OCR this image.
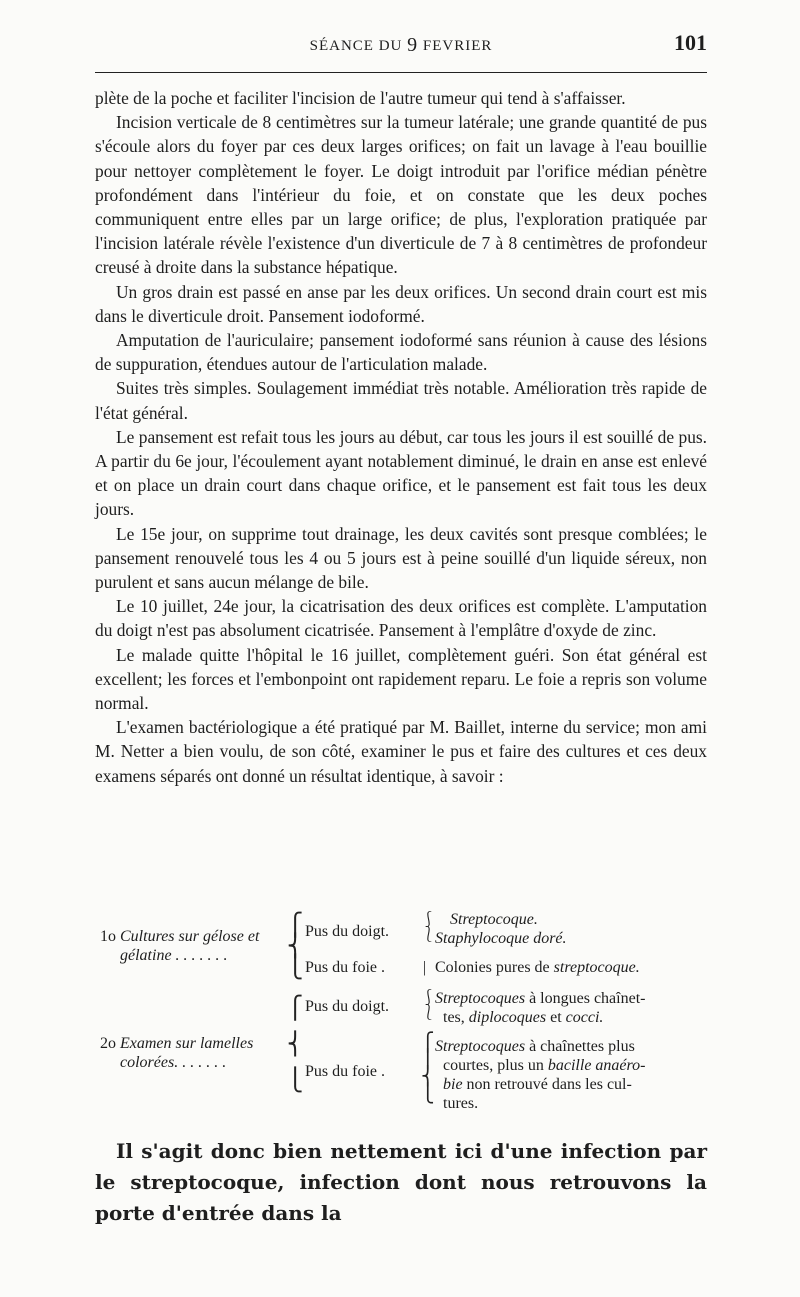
SÉANCE DU 9 FEVRIER	101

plète de la poche et faciliter l'incision de l'autre tumeur qui tend à s'affaisser.

Incision verticale de 8 centimètres sur la tumeur latérale; une grande quantité de pus s'écoule alors du foyer par ces deux larges orifices; on fait un lavage à l'eau bouillie pour nettoyer complètement le foyer. Le doigt introduit par l'orifice médian pénètre profondément dans l'intérieur du foie, et on constate que les deux poches communiquent entre elles par un large orifice; de plus, l'exploration pratiquée par l'incision latérale révèle l'existence d'un diverticule de 7 à 8 centimètres de profondeur creusé à droite dans la substance hépatique.

Un gros drain est passé en anse par les deux orifices. Un second drain court est mis dans le diverticule droit. Pansement iodoformé.

Amputation de l'auriculaire; pansement iodoformé sans réunion à cause des lésions de suppuration, étendues autour de l'articulation malade.

Suites très simples. Soulagement immédiat très notable. Amélioration très rapide de l'état général.

Le pansement est refait tous les jours au début, car tous les jours il est souillé de pus. A partir du 6e jour, l'écoulement ayant notablement diminué, le drain en anse est enlevé et on place un drain court dans chaque orifice, et le pansement est fait tous les deux jours.

Le 15e jour, on supprime tout drainage, les deux cavités sont presque comblées; le pansement renouvelé tous les 4 ou 5 jours est à peine souillé d'un liquide séreux, non purulent et sans aucun mélange de bile.

Le 10 juillet, 24e jour, la cicatrisation des deux orifices est complète. L'amputation du doigt n'est pas absolument cicatrisée. Pansement à l'emplâtre d'oxyde de zinc.

Le malade quitte l'hôpital le 16 juillet, complètement guéri. Son état général est excellent; les forces et l'embonpoint ont rapidement reparu. Le foie a repris son volume normal.

L'examen bactériologique a été pratiqué par M. Baillet, interne du service; mon ami M. Netter a bien voulu, de son côté, examiner le pus et faire des cultures et ces deux examens séparés ont donné un résultat identique, à savoir :

1o Cultures sur gélose et
gélatine . . . . . . .
⎧
⎨
⎩
Pus du doigt.
⎰
⎱
Streptocoque.
Staphylocoque doré.
Pus du foie . | Colonies pures de streptocoque.
2o Examen sur lamelles
colorées. . . . . . .
⎧
⎨
⎩
Pus du doigt. ⎰
⎱
Streptocoques à longues chaînet-
tes, diplocoques et cocci.
Pus du foie .
⎧
⎪
⎨
⎩
Streptocoques à chaînettes plus
courtes, plus un bacille anaéro-
bie non retrouvé dans les cul-
tures.

Il s'agit donc bien nettement ici d'une infection par le streptocoque, infection dont nous retrouvons la porte d'entrée dans la
